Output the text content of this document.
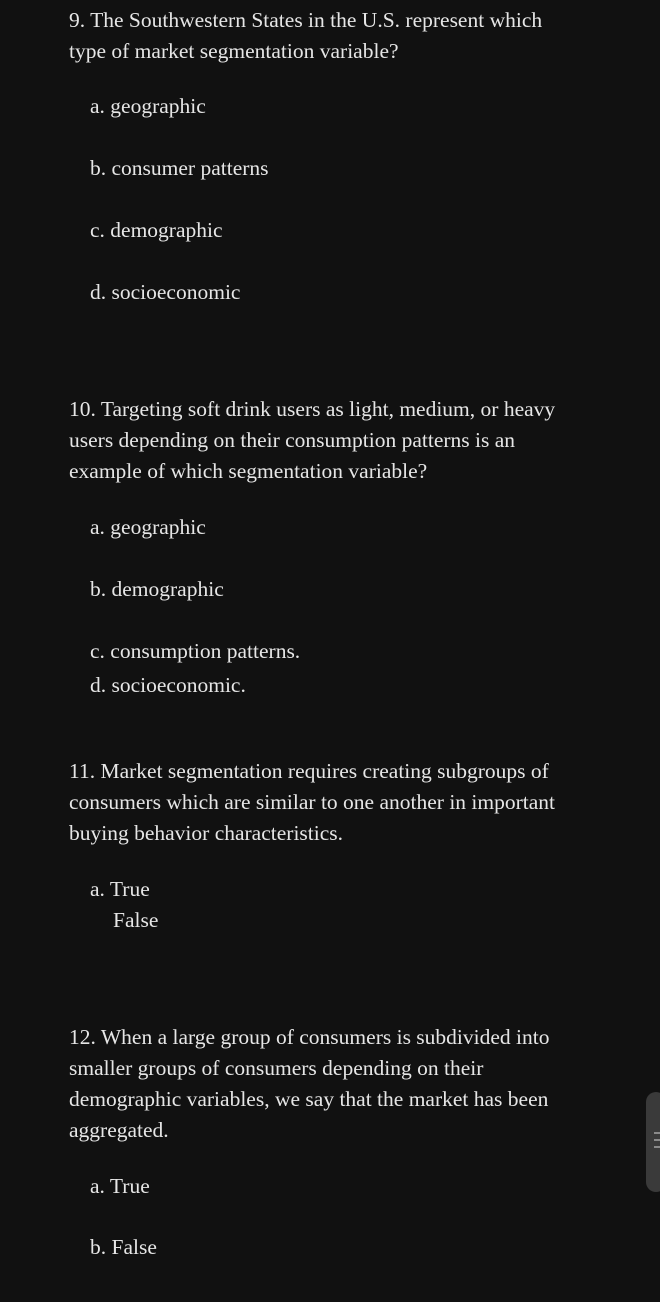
9. The Southwestern States in the U.S. represent which
type of market segmentation variable?
a. geographic
b. consumer patterns
c. demographic
d. socioeconomic
10. Targeting soft drink users as light, medium, or heavy
users depending on their consumption patterns is an
example of which segmentation variable?
a. geographic
b. demographic
c. consumption patterns.
d. socioeconomic.
11. Market segmentation requires creating subgroups of
consumers which are similar to one another in important
buying behavior characteristics.
a. True
False
12. When a large group of consumers is subdivided into
smaller groups of consumers depending on their
demographic variables, we say that the market has been
aggregated.
a. True
b. False
